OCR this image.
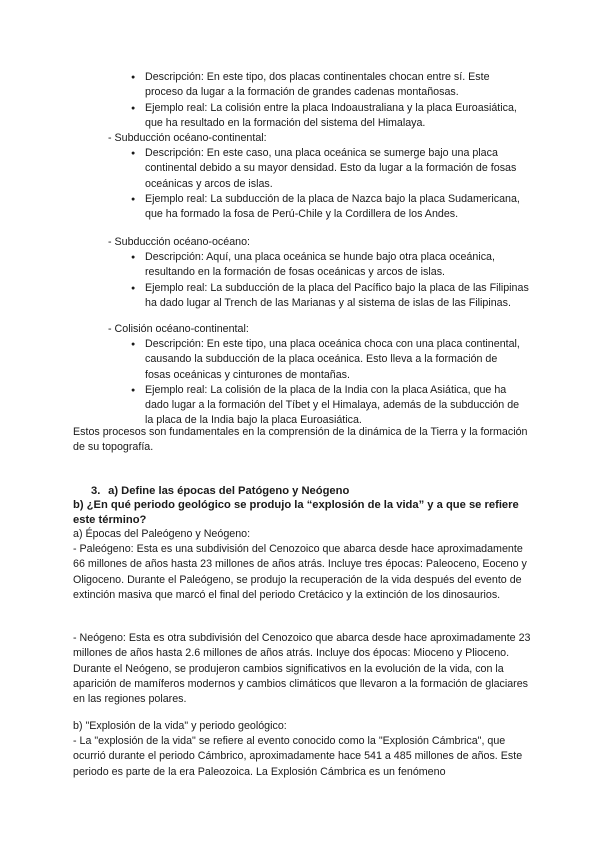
● Descripción: En este tipo, dos placas continentales chocan entre sí. Este proceso da lugar a la formación de grandes cadenas montañosas.
● Ejemplo real: La colisión entre la placa Indoaustraliana y la placa Euroasiática, que ha resultado en la formación del sistema del Himalaya.

- Subducción océano-continental:

● Descripción: En este caso, una placa oceánica se sumerge bajo una placa continental debido a su mayor densidad. Esto da lugar a la formación de fosas oceánicas y arcos de islas.
● Ejemplo real: La subducción de la placa de Nazca bajo la placa Sudamericana, que ha formado la fosa de Perú-Chile y la Cordillera de los Andes.

- Subducción océano-océano:

● Descripción: Aquí, una placa oceánica se hunde bajo otra placa oceánica, resultando en la formación de fosas oceánicas y arcos de islas.
● Ejemplo real: La subducción de la placa del Pacífico bajo la placa de las Filipinas ha dado lugar al Trench de las Marianas y al sistema de islas de las Filipinas.

- Colisión océano-continental:

● Descripción: En este tipo, una placa oceánica choca con una placa continental, causando la subducción de la placa oceánica. Esto lleva a la formación de fosas oceánicas y cinturones de montañas.
● Ejemplo real: La colisión de la placa de la India con la placa Asiática, que ha dado lugar a la formación del Tíbet y el Himalaya, además de la subducción de la placa de la India bajo la placa Euroasiática.

Estos procesos son fundamentales en la comprensión de la dinámica de la Tierra y la formación de su topografía.

3. a) Define las épocas del Patógeno y Neógeno

b) ¿En qué periodo geológico se produjo la “explosión de la vida” y a que se refiere este término?

a) Épocas del Paleógeno y Neógeno:

- Paleógeno: Esta es una subdivisión del Cenozoico que abarca desde hace aproximadamente 66 millones de años hasta 23 millones de años atrás. Incluye tres épocas: Paleoceno, Eoceno y Oligoceno. Durante el Paleógeno, se produjo la recuperación de la vida después del evento de extinción masiva que marcó el final del periodo Cretácico y la extinción de los dinosaurios.

- Neógeno: Esta es otra subdivisión del Cenozoico que abarca desde hace aproximadamente 23 millones de años hasta 2.6 millones de años atrás. Incluye dos épocas: Mioceno y Plioceno. Durante el Neógeno, se produjeron cambios significativos en la evolución de la vida, con la aparición de mamíferos modernos y cambios climáticos que llevaron a la formación de glaciares en las regiones polares.

b) "Explosión de la vida" y periodo geológico:

- La "explosión de la vida" se refiere al evento conocido como la "Explosión Cámbrica", que ocurrió durante el periodo Cámbrico, aproximadamente hace 541 a 485 millones de años. Este periodo es parte de la era Paleozoica. La Explosión Cámbrica es un fenómeno
